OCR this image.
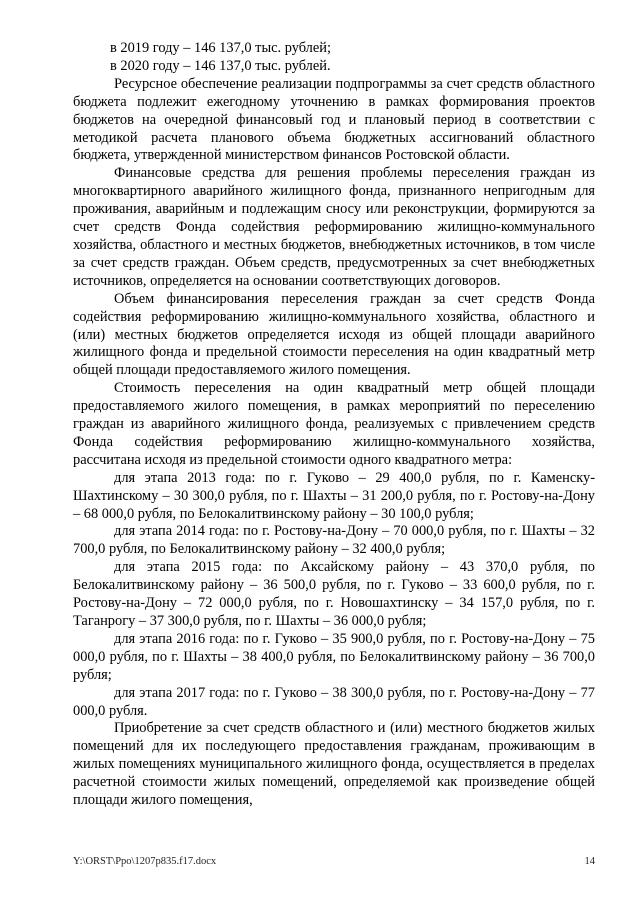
в 2019 году – 146 137,0 тыс. рублей;

в 2020 году – 146 137,0 тыс. рублей.

Ресурсное обеспечение реализации подпрограммы за счет средств областного бюджета подлежит ежегодному уточнению в рамках формирования проектов бюджетов на очередной финансовый год и плановый период в соответствии с методикой расчета планового объема бюджетных ассигнований областного бюджета, утвержденной министерством финансов Ростовской области.

Финансовые средства для решения проблемы переселения граждан из многоквартирного аварийного жилищного фонда, признанного непригодным для проживания, аварийным и подлежащим сносу или реконструкции, формируются за счет средств Фонда содействия реформированию жилищно-коммунального хозяйства, областного и местных бюджетов, внебюджетных источников, в том числе за счет средств граждан. Объем средств, предусмотренных за счет внебюджетных источников, определяется на основании соответствующих договоров.

Объем финансирования переселения граждан за счет средств Фонда содействия реформированию жилищно-коммунального хозяйства, областного и (или) местных бюджетов определяется исходя из общей площади аварийного жилищного фонда и предельной стоимости переселения на один квадратный метр общей площади предоставляемого жилого помещения.

Стоимость переселения на один квадратный метр общей площади предоставляемого жилого помещения, в рамках мероприятий по переселению граждан из аварийного жилищного фонда, реализуемых с привлечением средств Фонда содействия реформированию жилищно-коммунального хозяйства, рассчитана исходя из предельной стоимости одного квадратного метра:

для этапа 2013 года: по г. Гуково – 29 400,0 рубля, по г. Каменску-Шахтинскому – 30 300,0 рубля, по г. Шахты – 31 200,0 рубля, по г. Ростову-на-Дону – 68 000,0 рубля, по Белокалитвинскому району – 30 100,0 рубля;

для этапа 2014 года: по г. Ростову-на-Дону – 70 000,0 рубля, по г. Шахты – 32 700,0 рубля, по Белокалитвинскому району – 32 400,0 рубля;

для этапа 2015 года: по Аксайскому району – 43 370,0 рубля, по Белокалитвинскому району – 36 500,0 рубля, по г. Гуково – 33 600,0 рубля, по г. Ростову-на-Дону – 72 000,0 рубля, по г. Новошахтинску – 34 157,0 рубля, по г. Таганрогу – 37 300,0 рубля, по г. Шахты – 36 000,0 рубля;

для этапа 2016 года: по г. Гуково – 35 900,0 рубля, по г. Ростову-на-Дону – 75 000,0 рубля, по г. Шахты – 38 400,0 рубля, по Белокалитвинскому району – 36 700,0 рубля;

для этапа 2017 года: по г. Гуково – 38 300,0 рубля, по г. Ростову-на-Дону – 77 000,0 рубля.

Приобретение за счет средств областного и (или) местного бюджетов жилых помещений для их последующего предоставления гражданам, проживающим в жилых помещениях муниципального жилищного фонда, осуществляется в пределах расчетной стоимости жилых помещений, определяемой как произведение общей площади жилого помещения,

Y:\ORST\Ppo\1207p835.f17.docx	14
